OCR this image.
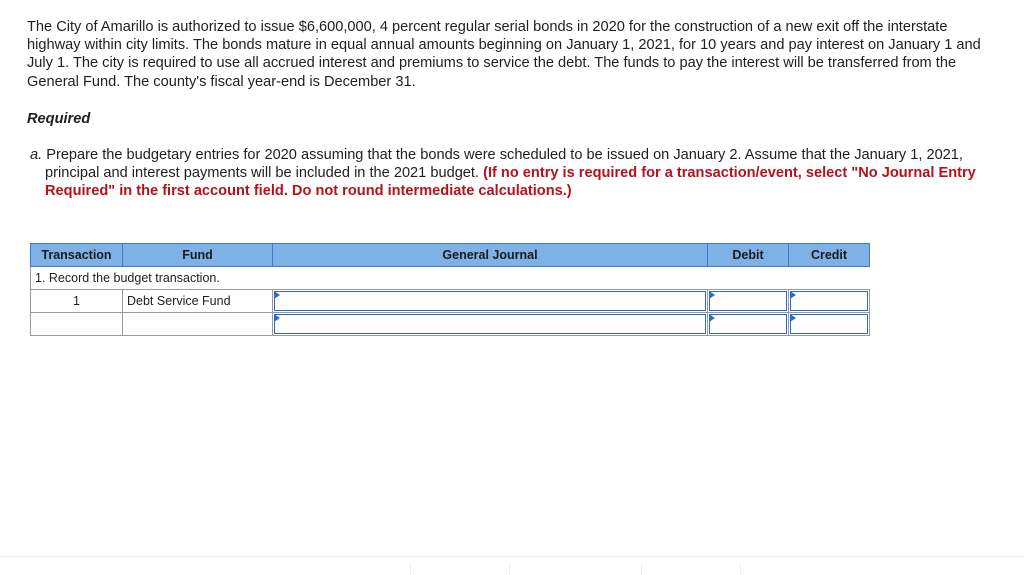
The City of Amarillo is authorized to issue $6,600,000, 4 percent regular serial bonds in 2020 for the construction of a new exit off the interstate highway within city limits. The bonds mature in equal annual amounts beginning on January 1, 2021, for 10 years and pay interest on January 1 and July 1. The city is required to use all accrued interest and premiums to service the debt. The funds to pay the interest will be transferred from the General Fund. The county's fiscal year-end is December 31.

Required

a. Prepare the budgetary entries for 2020 assuming that the bonds were scheduled to be issued on January 2. Assume that the January 1, 2021, principal and interest payments will be included in the 2021 budget. (If no entry is required for a transaction/event, select "No Journal Entry Required" in the first account field. Do not round intermediate calculations.)

Transaction	Fund	General Journal	Debit	Credit
1. Record the budget transaction.				
1	Debt Service Fund	
